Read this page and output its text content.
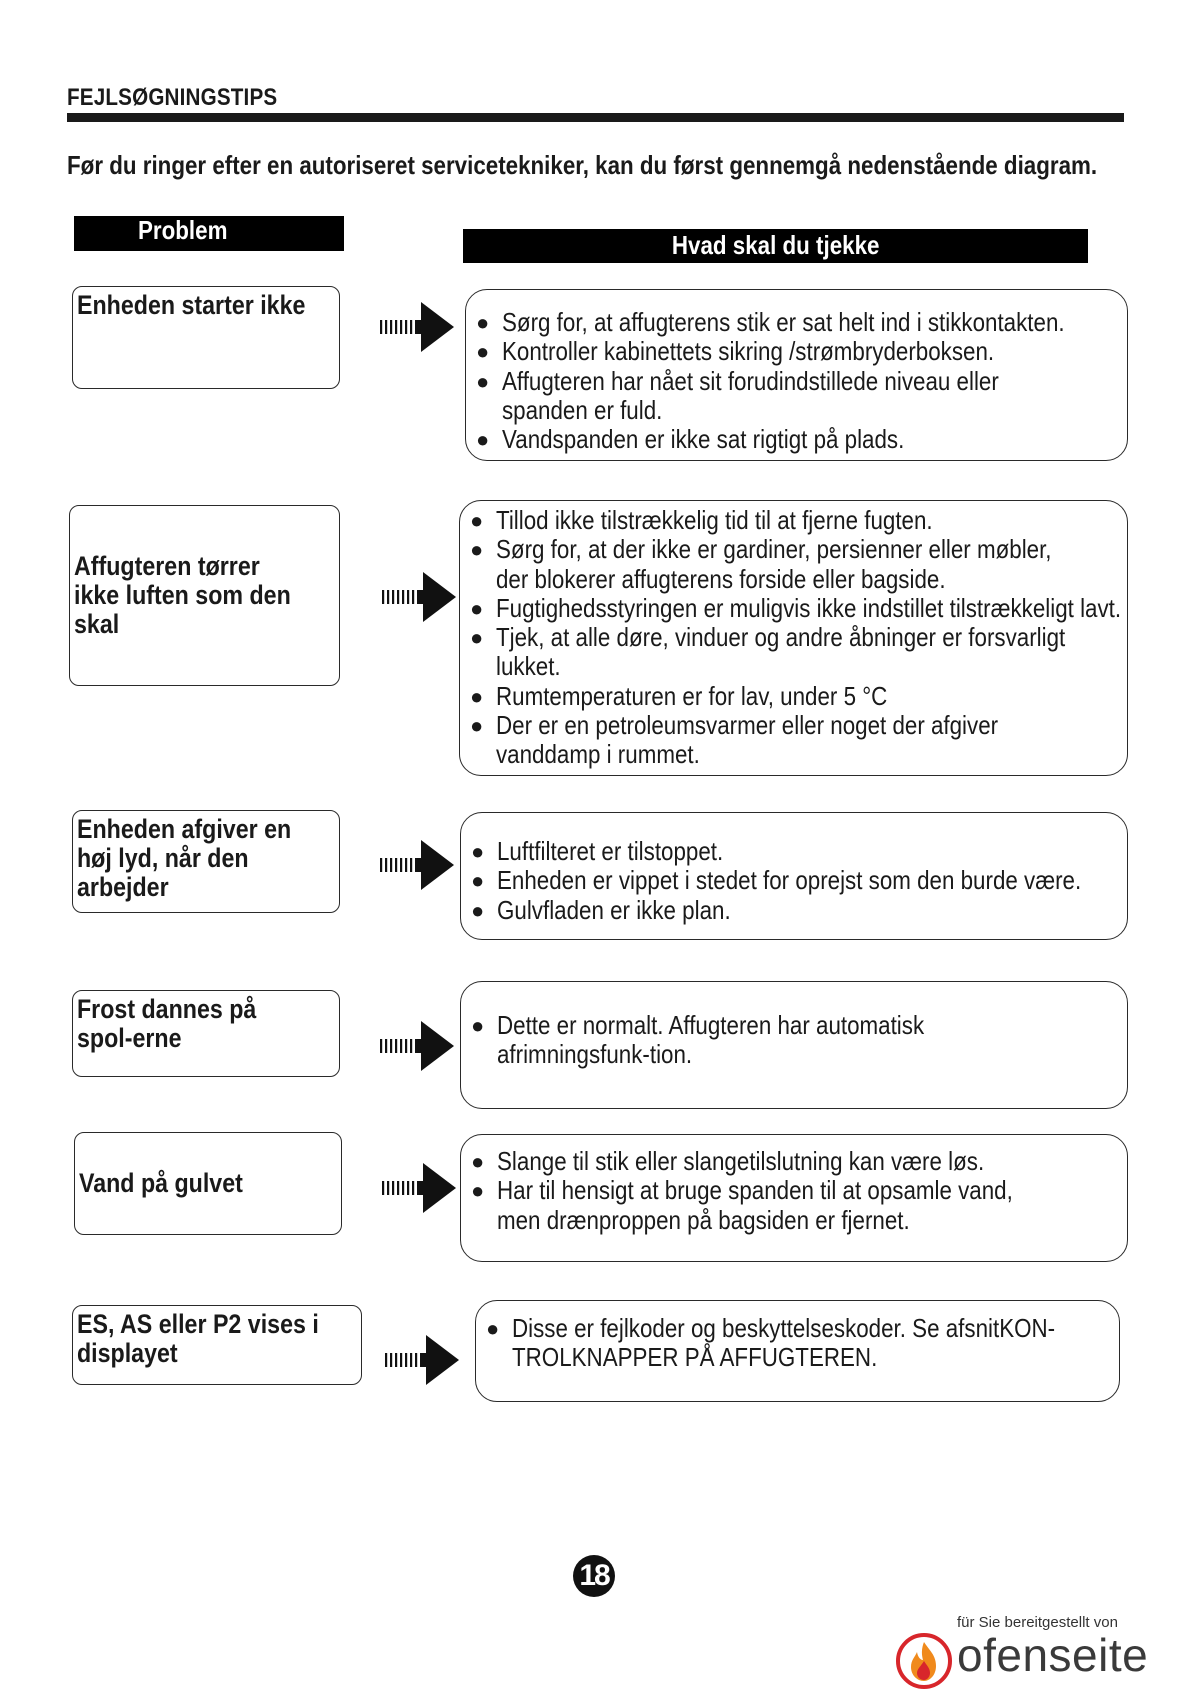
FEJLSØGNINGSTIPS
Før du ringer efter en autoriseret servicetekniker, kan du først gennemgå nedenstående diagram.
Problem	Hvad skal du tjekke
Enheden starter ikke
● Sørg for, at affugterens stik er sat helt ind i stikkontakten.
● Kontroller kabinettets sikring /strømbryderboksen.
● Affugteren har nået sit forudindstillede niveau eller spanden er fuld.
● Vandspanden er ikke sat rigtigt på plads.
Affugteren tørrer ikke luften som den skal
● Tillod ikke tilstrækkelig tid til at fjerne fugten.
● Sørg for, at der ikke er gardiner, persienner eller møbler, der blokerer affugterens forside eller bagside.
● Fugtighedsstyringen er muligvis ikke indstillet tilstrækkeligt lavt.
● Tjek, at alle døre, vinduer og andre åbninger er forsvarligt lukket.
● Rumtemperaturen er for lav, under 5 °C
● Der er en petroleumsvarmer eller noget der afgiver vanddamp i rummet.
Enheden afgiver en høj lyd, når den arbejder
● Luftfilteret er tilstoppet.
● Enheden er vippet i stedet for oprejst som den burde være.
● Gulvfladen er ikke plan.
Frost dannes på spol-erne	● Dette er normalt. Affugteren har automatisk afrimningsfunk-tion.
Vand på gulvet
● Slange til stik eller slangetilslutning kan være løs.
● Har til hensigt at bruge spanden til at opsamle vand, men drænproppen på bagsiden er fjernet.
ES, AS eller P2 vises i displayet
● Disse er fejlkoder og beskyttelseskoder. Se afsnitKON-TROLKNAPPER PÅ AFFUGTEREN.
18
für Sie bereitgestellt von
ofenseite
